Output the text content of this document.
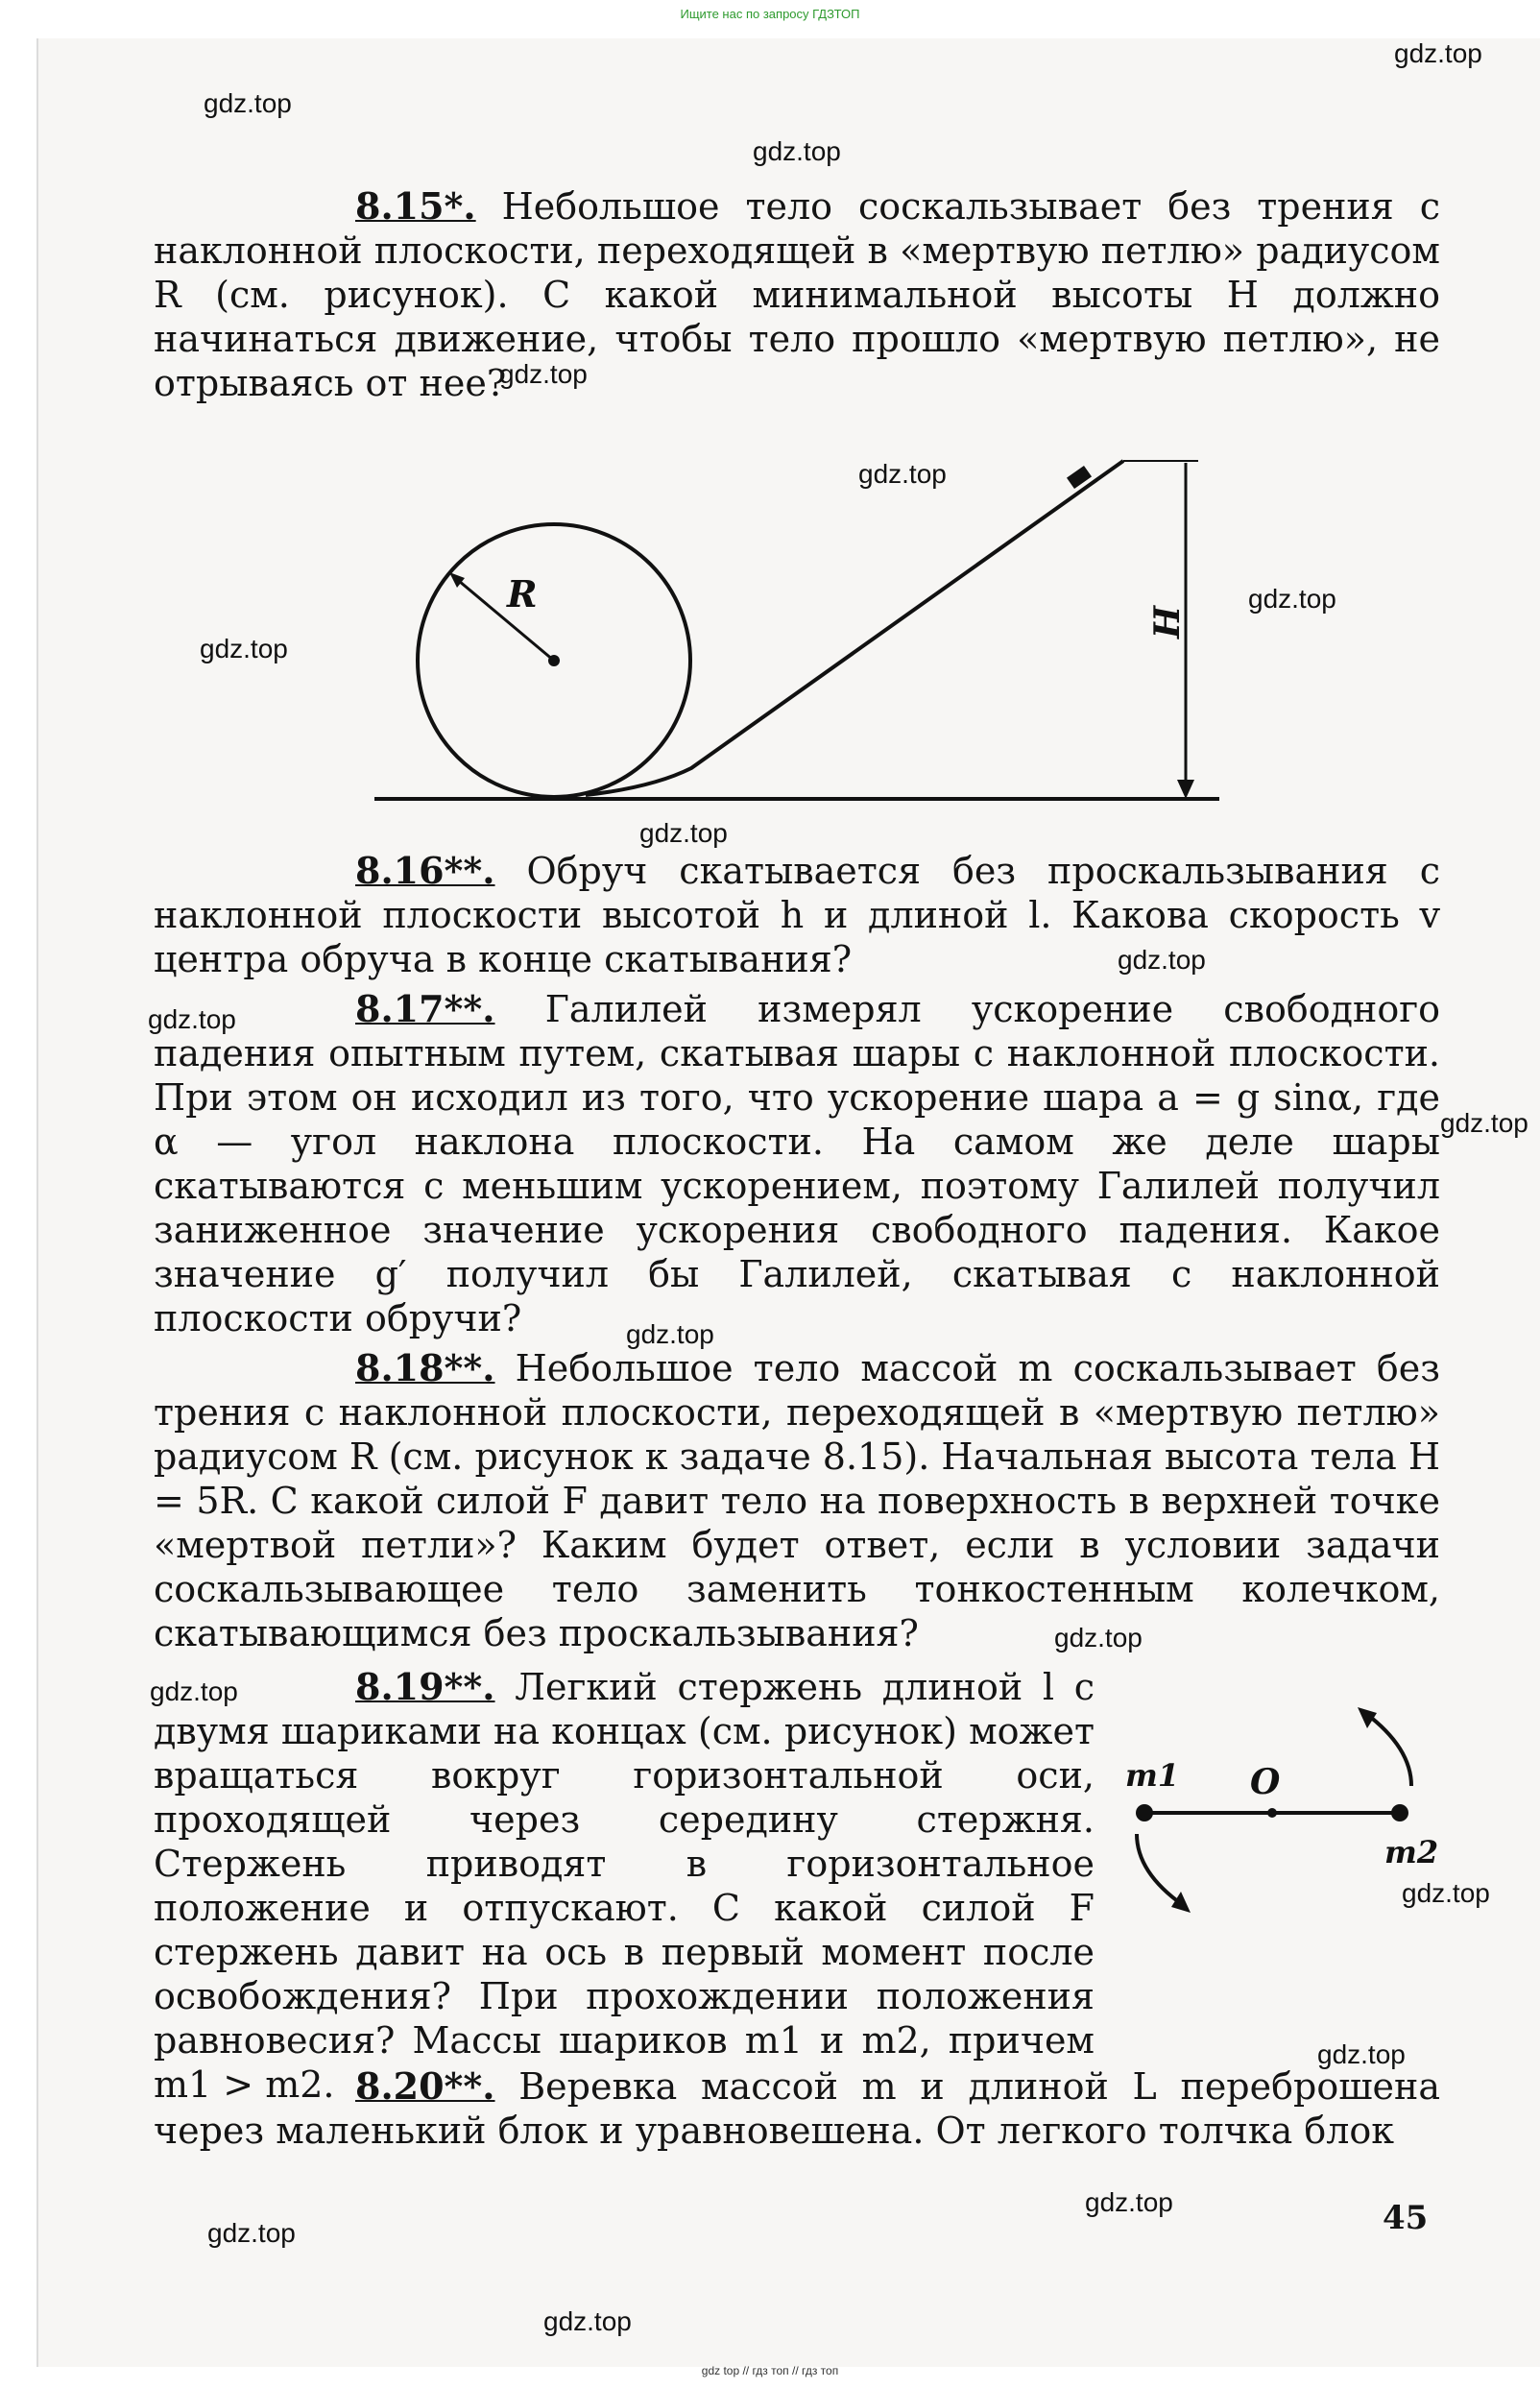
Ищите нас по запросу ГДЗТОП
gdz.top
gdz.top
gdz.top
gdz.top
gdz.top
gdz.top
gdz.top
gdz.top
gdz.top
gdz.top
gdz.top
gdz.top
gdz.top
gdz.top
gdz.top
gdz.top
gdz.top
gdz.top
gdz.top

8.15*. Небольшое тело соскальзывает без трения с наклонной плоскости, переходящей в «мертвую петлю» радиусом R (см. рисунок). С какой минимальной высоты H должно начинаться движение, чтобы тело прошло «мертвую петлю», не отрываясь от нее?

R
H

8.16**. Обруч скатывается без проскальзывания с наклонной плоскости высотой h и длиной l. Какова скорость v центра обруча в конце скатывания?

8.17**. Галилей измерял ускорение свободного падения опытным путем, скатывая шары с наклонной плоскости. При этом он исходил из того, что ускорение шара a = g sinα, где α — угол наклона плоскости. На самом же деле шары скатываются с меньшим ускорением, поэтому Галилей получил заниженное значение ускорения свободного падения. Какое значение g′ получил бы Галилей, скатывая с наклонной плоскости обручи?

8.18**. Небольшое тело массой m соскальзывает без трения с наклонной плоскости, переходящей в «мертвую петлю» радиусом R (см. рисунок к задаче 8.15). Начальная высота тела H = 5R. С какой силой F давит тело на поверхность в верхней точке «мертвой петли»? Каким будет ответ, если в условии задачи соскальзывающее тело заменить тонкостенным колечком, скатывающимся без проскальзывания?

8.19**. Легкий стержень длиной l с двумя шариками на концах (см. рисунок) может вращаться вокруг горизонтальной оси, проходящей через середину стержня. Стержень приводят в горизонтальное положение и отпускают. С какой силой F стержень давит на ось в первый момент после освобождения? При прохождении положения равновесия? Массы шариков m1 и m2, причем m1 > m2.

O
m1
m2

8.20**. Веревка массой m и длиной L переброшена через маленький блок и уравновешена. От легкого толчка блок

45
gdz top // гдз топ // гдз топ
